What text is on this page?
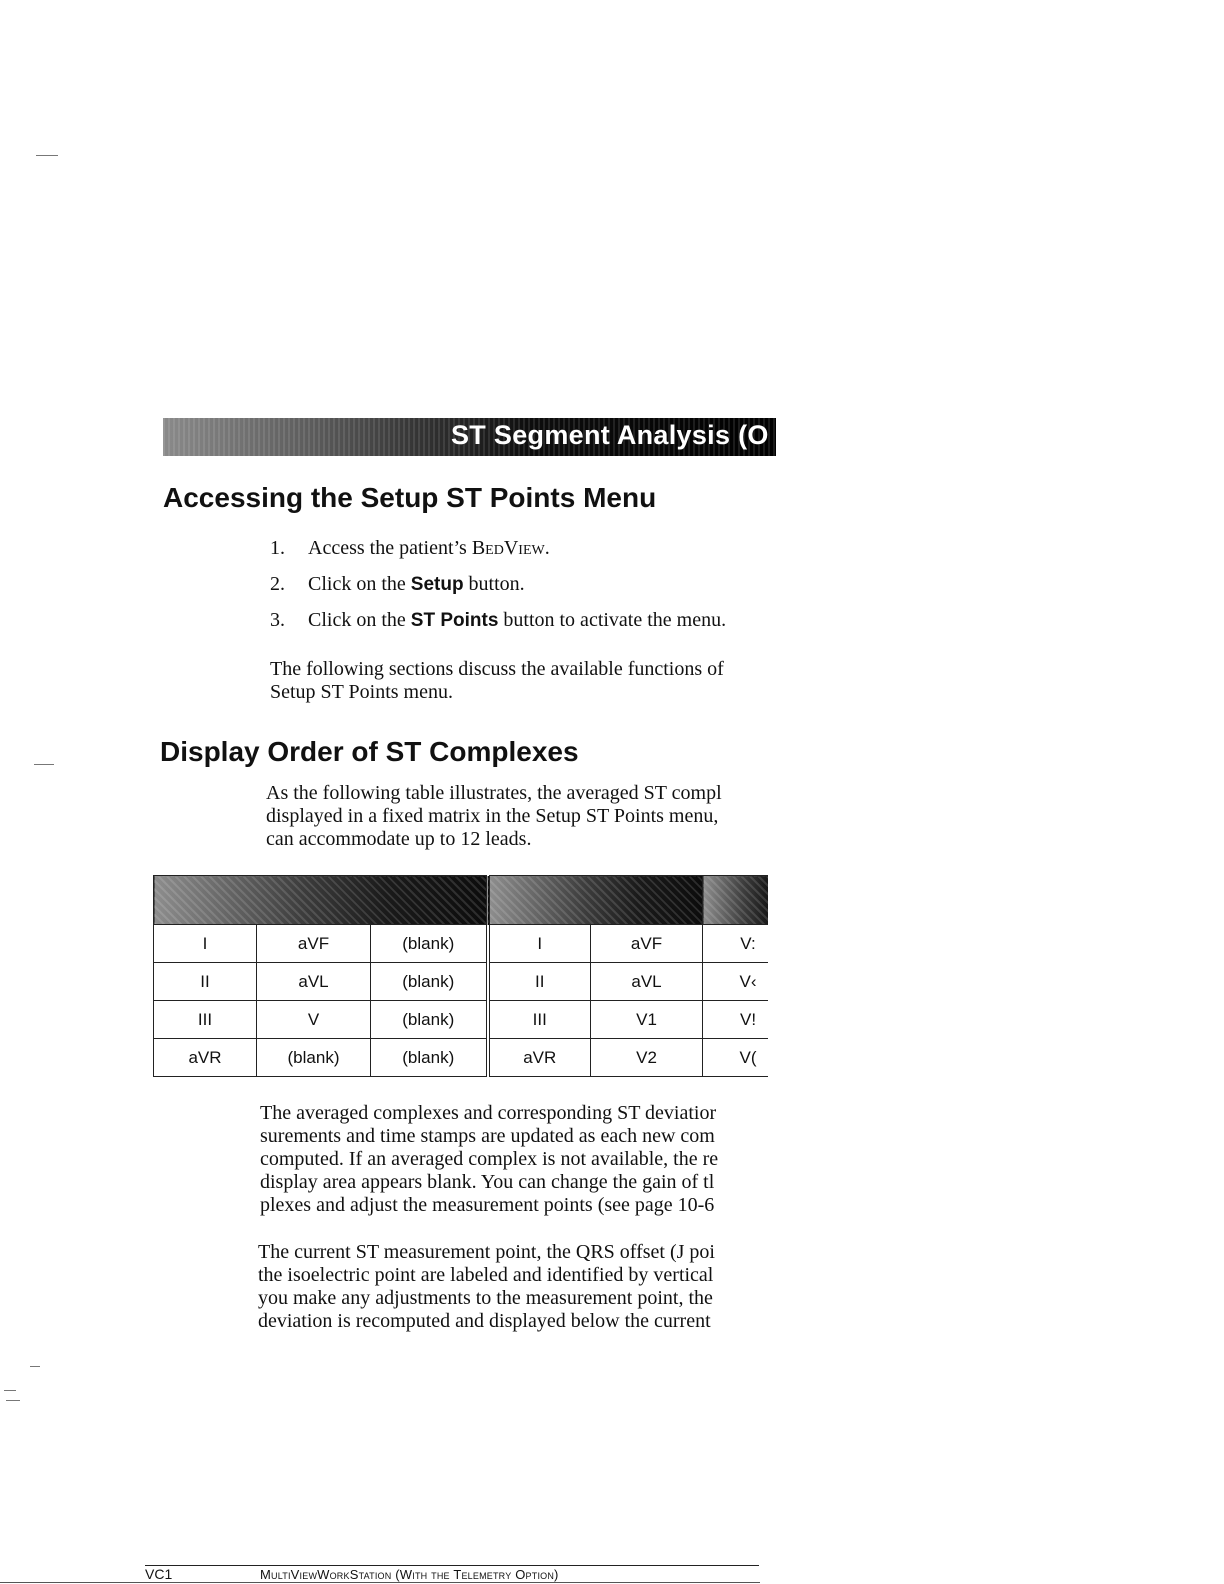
ST Segment Analysis (O
Accessing the Setup ST Points Menu
1. Access the patient’s BedView.
2. Click on the Setup button.
3. Click on the ST Points button to activate the menu.
The following sections discuss the available functions of
Setup ST Points menu.
Display Order of ST Complexes
As the following table illustrates, the averaged ST compl
displayed in a fixed matrix in the Setup ST Points menu,
can accommodate up to 12 leads.

I	aVF	(blank)	I	aVF	V:
II	aVL	(blank)	II	aVL	V‹
III	V	(blank)	III	V1	V!
aVR	(blank)	(blank)	aVR	V2	V(
The averaged complexes and corresponding ST deviatior
surements and time stamps are updated as each new com
computed. If an averaged complex is not available, the re
display area appears blank. You can change the gain of tl
plexes and adjust the measurement points (see page 10-6
The current ST measurement point, the QRS offset (J poi
the isoelectric point are labeled and identified by vertical
you make any adjustments to the measurement point, the
deviation is recomputed and displayed below the current
VC1	MultiViewWorkStation (With the Telemetry Option)
